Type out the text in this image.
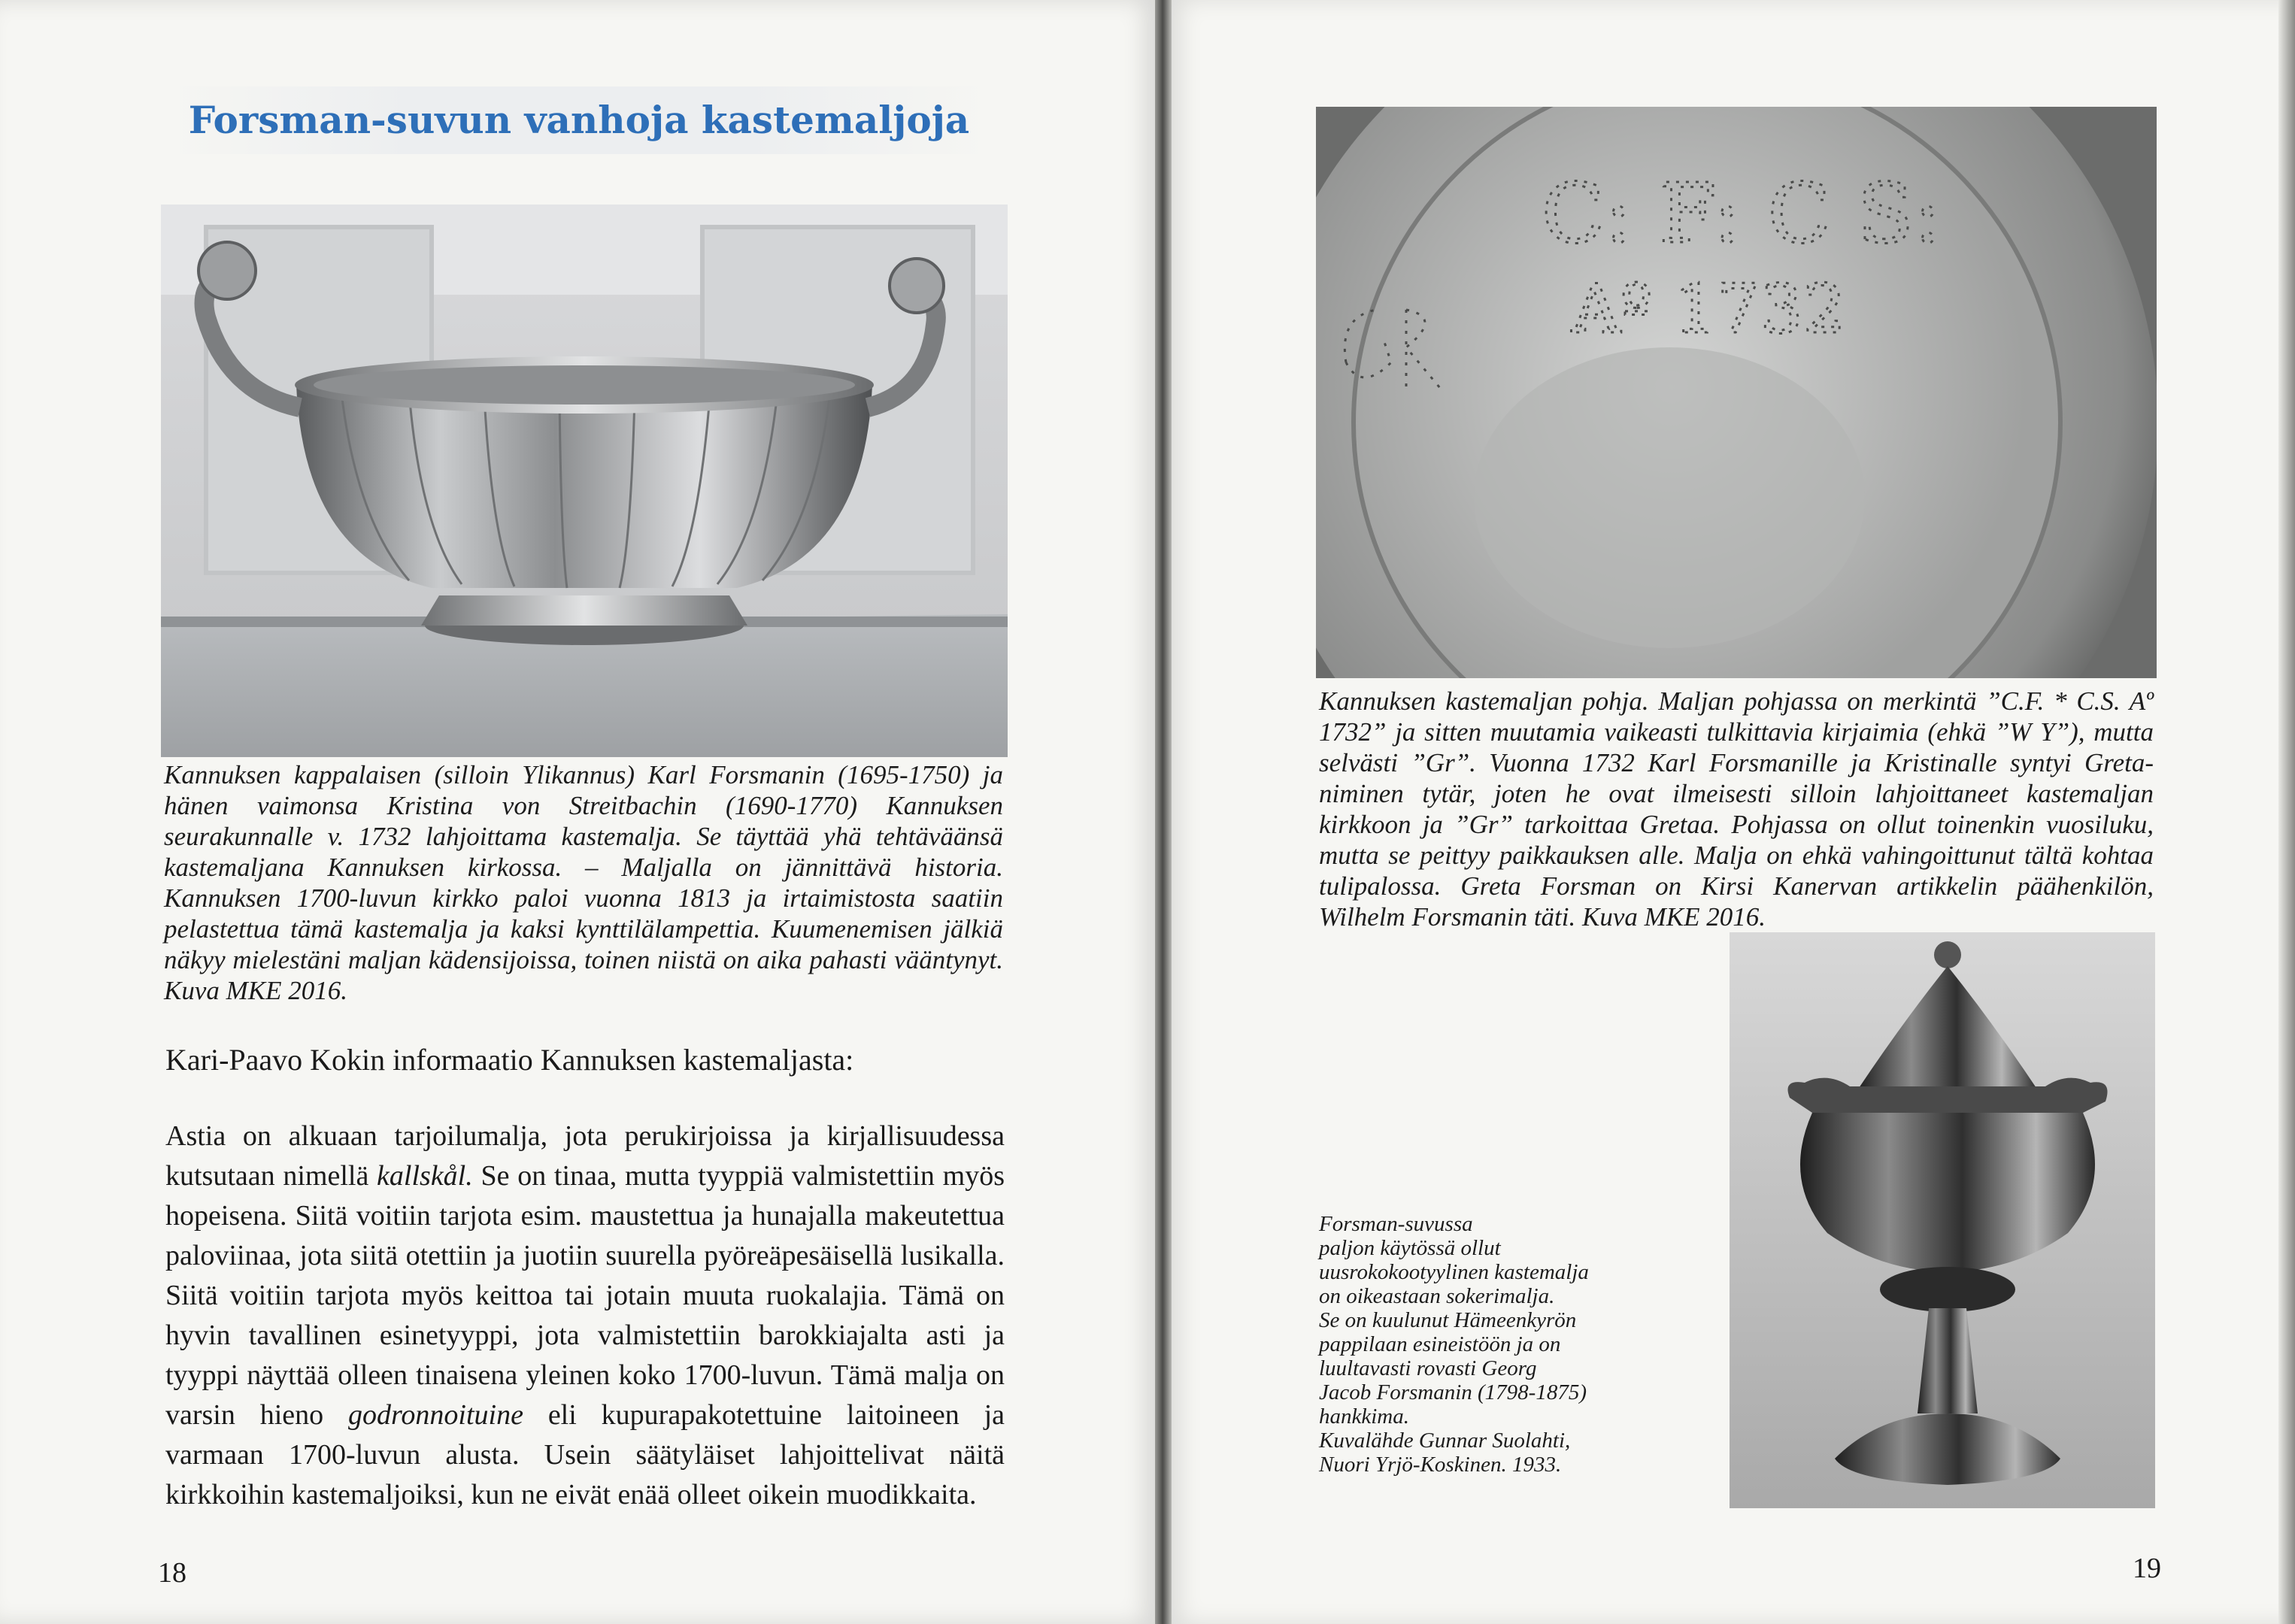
Forsman-suvun vanhoja kastemaljoja
Kannuksen kappalaisen (silloin Ylikannus) Karl Forsmanin (1695-1750) ja hänen vaimonsa Kristina von Streitbachin (1690-1770) Kannuksen seurakunnalle v. 1732 lahjoittama kastemalja. Se täyttää yhä tehtäväänsä kastemaljana Kannuksen kirkossa. – Maljalla on jännittävä historia. Kannuksen 1700-luvun kirkko paloi vuonna 1813 ja irtaimistosta saatiin pelastettua tämä kastemalja ja kaksi kynttilälampettia. Kuumenemisen jälkiä näkyy mielestäni maljan kädensijoissa, toinen niistä on aika pahasti vääntynyt. Kuva MKE 2016.
Kari-Paavo Kokin informaatio Kannuksen kastemaljasta:
Astia on alkuaan tarjoilumalja, jota perukirjoissa ja kirjallisuudessa kutsutaan nimellä kallskål. Se on tinaa, mutta tyyppiä valmistettiin myös hopeisena. Siitä voitiin tarjota esim. maustettua ja hunajalla makeutettua paloviinaa, jota siitä otettiin ja juotiin suurella pyöreäpesäisellä lusikalla. Siitä voitiin tarjota myös keittoa tai jotain muuta ruokalajia. Tämä on hyvin tavallinen esinetyyppi, jota valmistettiin barokkiajalta asti ja tyyppi näyttää olleen tinaisena yleinen koko 1700-luvun. Tämä malja on varsin hieno godronnoituine eli kupurapakotettuine laitoineen ja varmaan 1700-luvun alusta. Usein säätyläiset lahjoittelivat näitä kirkkoihin kastemaljoiksi, kun ne eivät enää olleet oikein muodikkaita.
18
C: F: C S:
Aº 1732
Kannuksen kastemaljan pohja. Maljan pohjassa on merkintä ”C.F. * C.S. Aº 1732” ja sitten muutamia vaikeasti tulkittavia kirjaimia (ehkä ”W Y”), mutta selvästi ”Gr”. Vuonna 1732 Karl Forsmanille ja Kristinalle syntyi Greta-niminen tytär, joten he ovat ilmeisesti silloin lahjoittaneet kastemaljan kirkkoon ja ”Gr” tarkoittaa Gretaa. Pohjassa on ollut toinenkin vuosiluku, mutta se peittyy paikkauksen alle. Malja on ehkä vahingoittunut tältä kohtaa tulipalossa. Greta Forsman on Kirsi Kanervan artikkelin päähenkilön, Wilhelm Forsmanin täti. Kuva MKE 2016.
Forsman-suvussa
paljon käytössä ollut
uusrokokootyylinen kastemalja
on oikeastaan sokerimalja.
Se on kuulunut Hämeenkyrön
pappilaan esineistöön ja on
luultavasti rovasti Georg
Jacob Forsmanin (1798-1875)
hankkima.
Kuvalähde Gunnar Suolahti,
Nuori Yrjö-Koskinen. 1933.
19
